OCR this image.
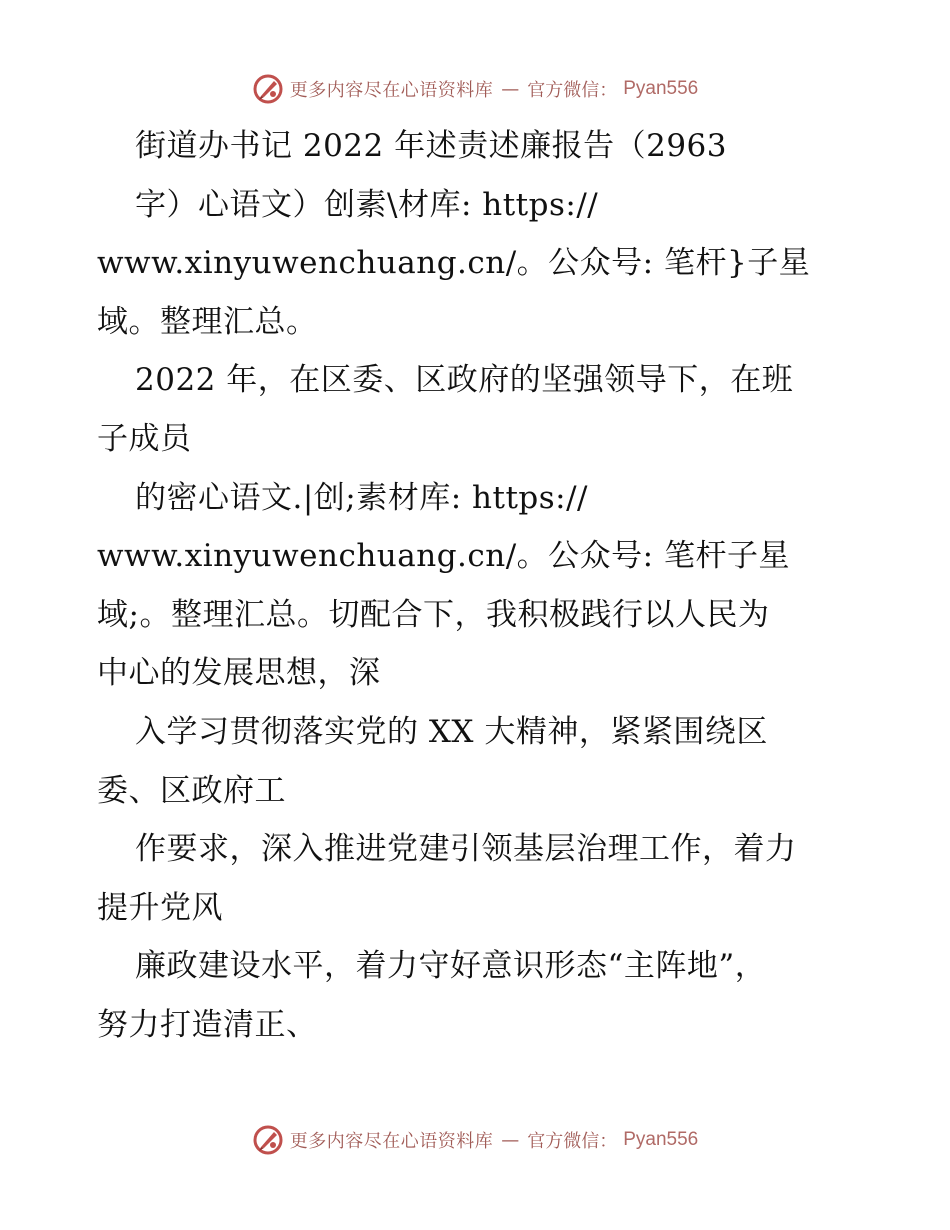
更多内容尽在心语资料库 — 官方微信： Pyan556
街道办书记 2022 年述责述廉报告（2963
字）心语文）创素\材库: https://
www.xinyuwenchuang.cn/。公众号: 笔杆}子星
域。整理汇总。
2022 年，在区委、区政府的坚强领导下，在班
子成员
的密心语文.|创;素材库: https://
www.xinyuwenchuang.cn/。公众号: 笔杆子星
域;。整理汇总。切配合下，我积极践行以人民为
中心的发展思想，深
入学习贯彻落实党的 XX 大精神，紧紧围绕区
委、区政府工
作要求，深入推进党建引领基层治理工作，着力
提升党风
廉政建设水平，着力守好意识形态“主阵地”，
努力打造清正、
更多内容尽在心语资料库 — 官方微信： Pyan556
